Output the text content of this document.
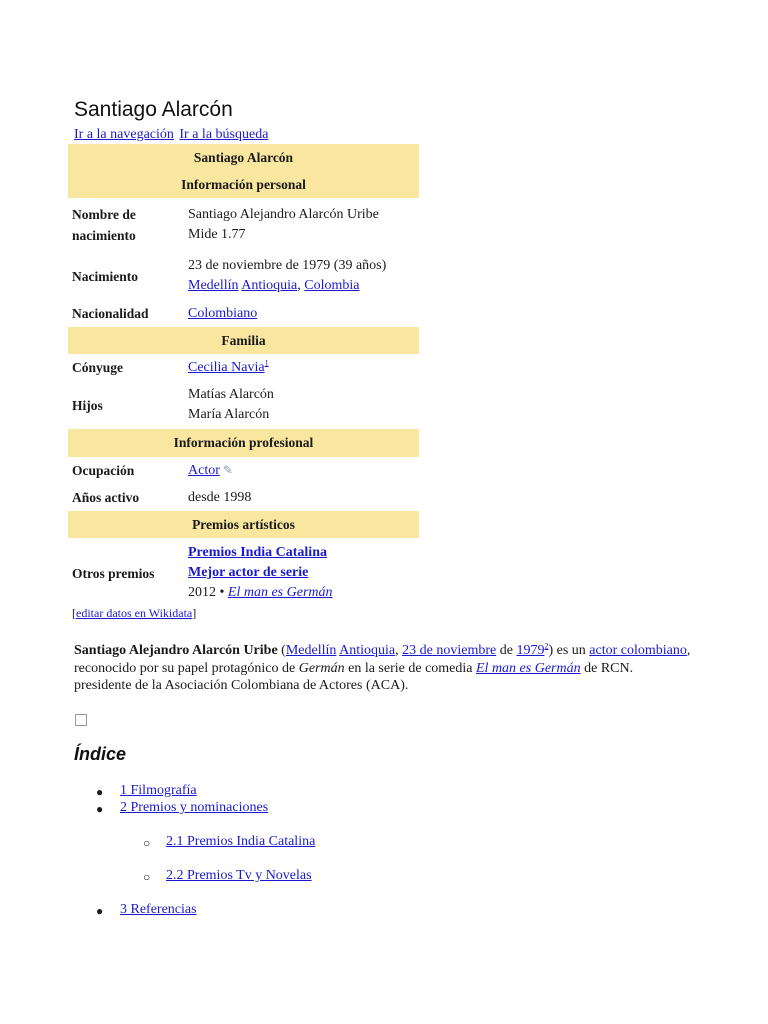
Santiago Alarcón
Ir a la navegación Ir a la búsqueda
Santiago Alarcón	
Información personal	
Nombre de nacimiento	Santiago Alejandro Alarcón Uribe
Mide 1.77

Nacimiento	23 de noviembre de 1979 (39 años)
Medellín Antioquia, Colombia

Nacionalidad	Colombiano
Familia	
Cónyuge	Cecilia Navia$^1$
Hijos	Matías Alarcón
María Alarcón

Información profesional	
Ocupación	Actor ✎
Años activo	desde 1998
Premios artísticos	
Otros premios	Premios India Catalina
Mejor actor de serie
2012 • El man es Germán
[editar datos en Wikidata]
Santiago Alejandro Alarcón Uribe (Medellín Antioquia, 23 de noviembre de 1979$^2$) es un actor colombiano, reconocido por su papel protagónico de Germán en la serie de comedia El man es Germán de RCN. presidente de la Asociación Colombiana de Actores (ACA).
Índice
● 1 Filmografía
● 2 Premios y nominaciones
○ 2.1 Premios India Catalina
○ 2.2 Premios Tv y Novelas
● 3 Referencias
